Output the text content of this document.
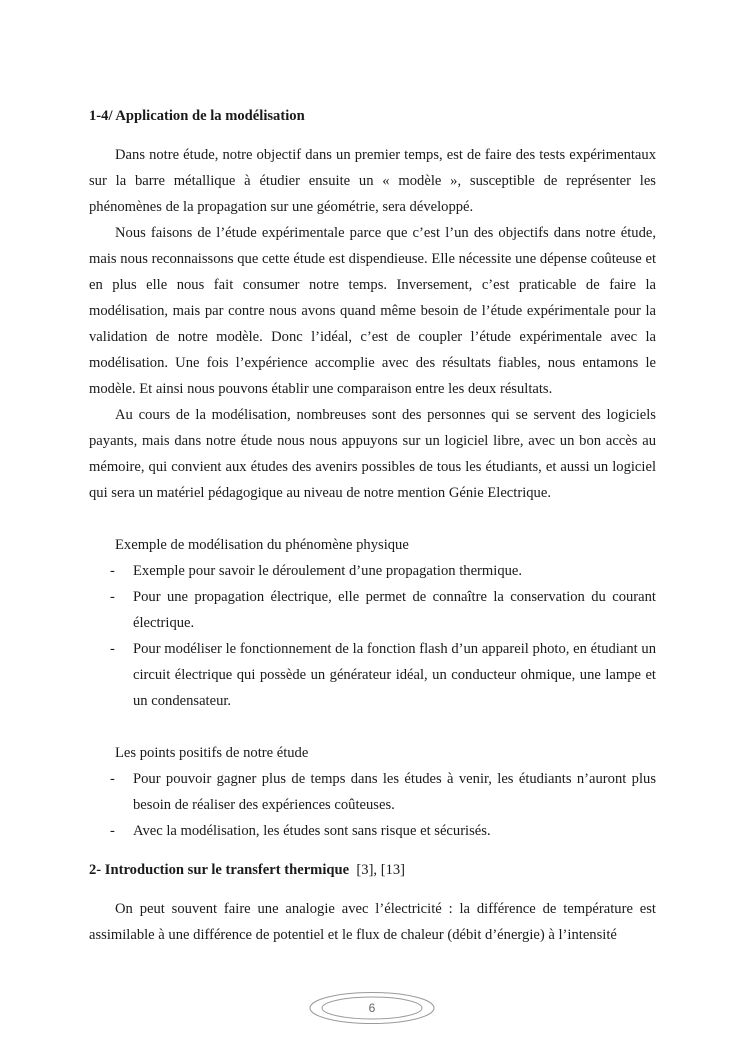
1-4/ Application de la modélisation

Dans notre étude, notre objectif dans un premier temps, est de faire des tests expérimentaux sur la barre métallique à étudier ensuite un « modèle », susceptible de représenter les phénomènes de la propagation sur une géométrie, sera développé.

Nous faisons de l’étude expérimentale parce que c’est l’un des objectifs dans notre étude, mais nous reconnaissons que cette étude est dispendieuse. Elle nécessite une dépense coûteuse et en plus elle nous fait consumer notre temps. Inversement, c’est praticable de faire la modélisation, mais par contre nous avons quand même besoin de l’étude expérimentale pour la validation de notre modèle. Donc l’idéal, c’est de coupler l’étude expérimentale avec la modélisation. Une fois l’expérience accomplie avec des résultats fiables, nous entamons le modèle. Et ainsi nous pouvons établir une comparaison entre les deux résultats.

Au cours de la modélisation, nombreuses sont des personnes qui se servent des logiciels payants, mais dans notre étude nous nous appuyons sur un logiciel libre, avec un bon accès au mémoire, qui convient aux études des avenirs possibles de tous les étudiants, et aussi un logiciel qui sera un matériel pédagogique au niveau de notre mention Génie Electrique.

Exemple de modélisation du phénomène physique
- Exemple pour savoir le déroulement d’une propagation thermique.
- Pour une propagation électrique, elle permet de connaître la conservation du courant électrique.
- Pour modéliser le fonctionnement de la fonction flash d’un appareil photo, en étudiant un circuit électrique qui possède un générateur idéal, un conducteur ohmique, une lampe et un condensateur.
Les points positifs de notre étude
- Pour pouvoir gagner plus de temps dans les études à venir, les étudiants n’auront plus besoin de réaliser des expériences coûteuses.
- Avec la modélisation, les études sont sans risque et sécurisés.
2- Introduction sur le transfert thermique [3], [13]

On peut souvent faire une analogie avec l’électricité : la différence de température est assimilable à une différence de potentiel et le flux de chaleur (débit d’énergie) à l’intensité

6
